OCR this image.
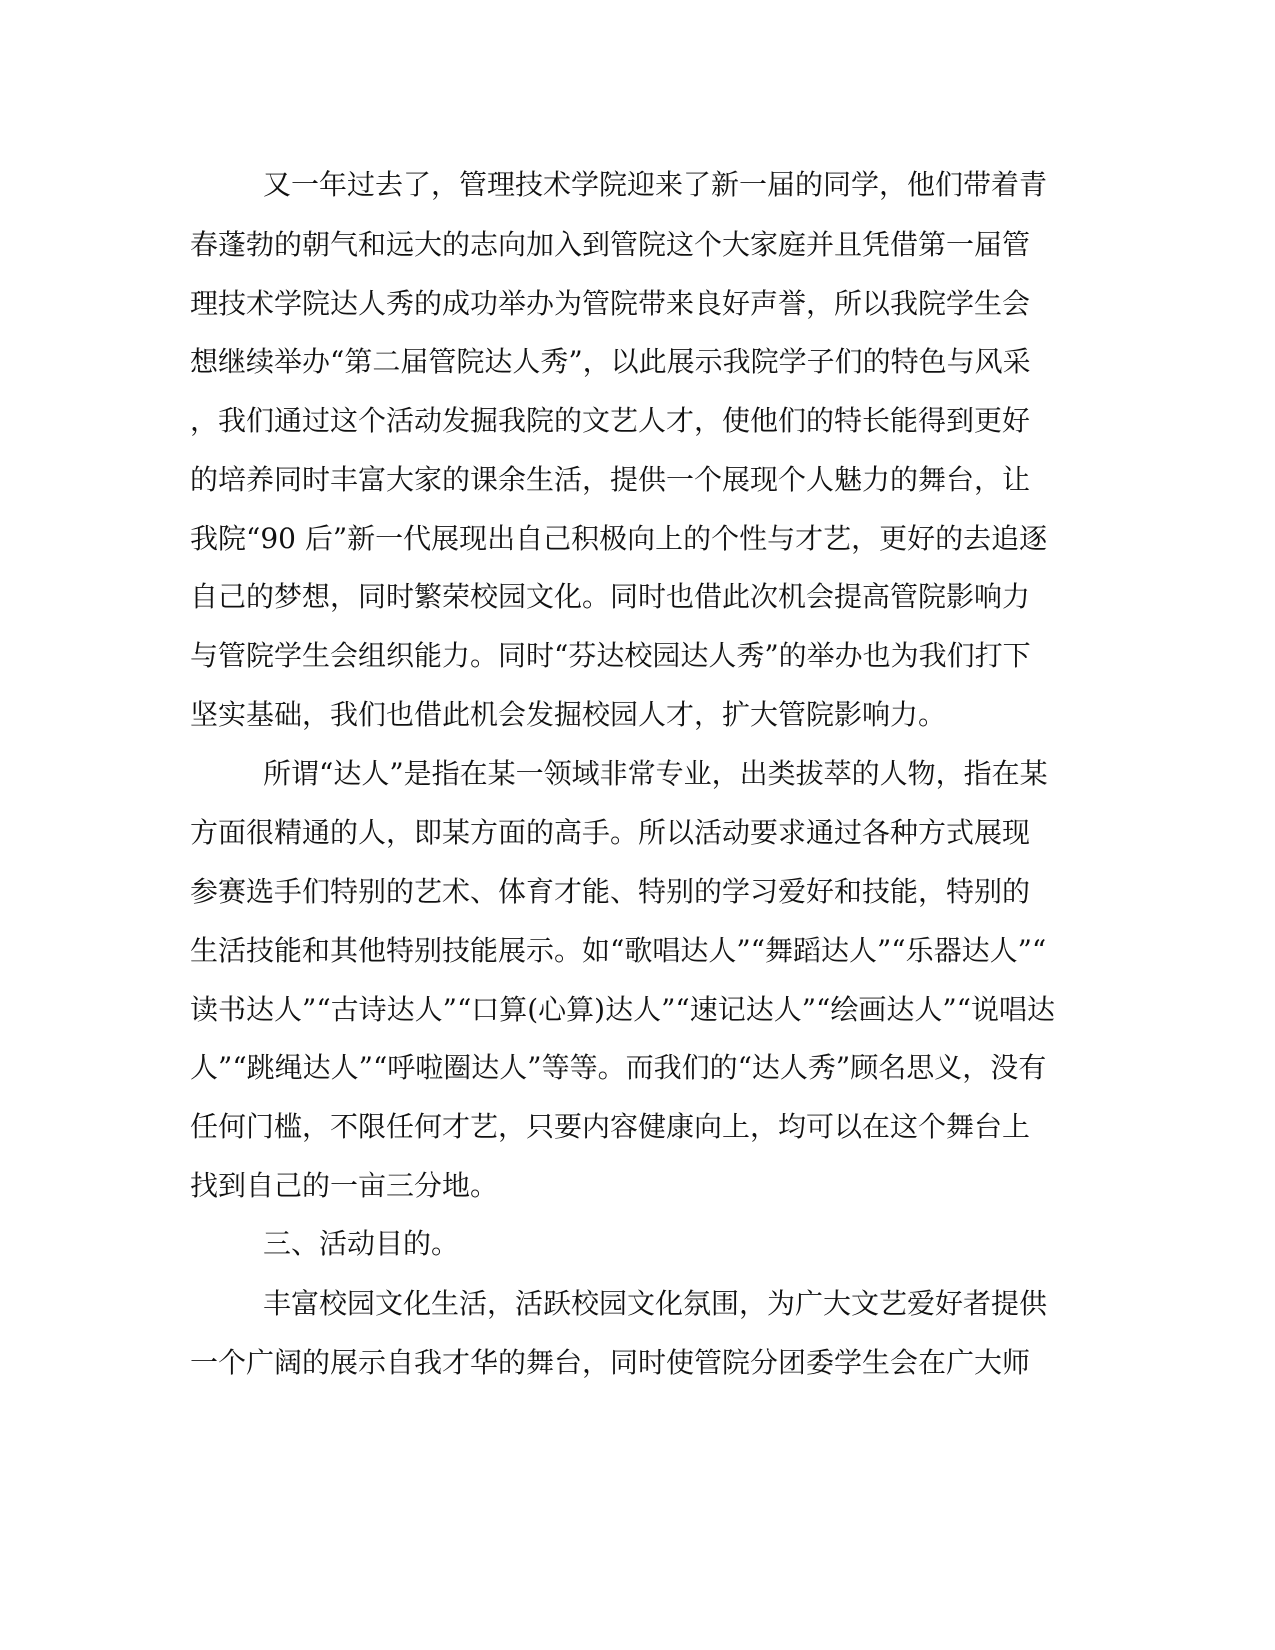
又一年过去了，管理技术学院迎来了新一届的同学，他们带着青

春蓬勃的朝气和远大的志向加入到管院这个大家庭并且凭借第一届管

理技术学院达人秀的成功举办为管院带来良好声誉，所以我院学生会

想继续举办“第二届管院达人秀”，以此展示我院学子们的特色与风采

，我们通过这个活动发掘我院的文艺人才，使他们的特长能得到更好

的培养同时丰富大家的课余生活，提供一个展现个人魅力的舞台，让

我院“90 后”新一代展现出自己积极向上的个性与才艺，更好的去追逐

自己的梦想，同时繁荣校园文化。同时也借此次机会提高管院影响力

与管院学生会组织能力。同时“芬达校园达人秀”的举办也为我们打下

坚实基础，我们也借此机会发掘校园人才，扩大管院影响力。

所谓“达人”是指在某一领域非常专业，出类拔萃的人物，指在某

方面很精通的人，即某方面的高手。所以活动要求通过各种方式展现

参赛选手们特别的艺术、体育才能、特别的学习爱好和技能，特别的

生活技能和其他特别技能展示。如“歌唱达人”“舞蹈达人”“乐器达人”“

读书达人”“古诗达人”“口算(心算)达人”“速记达人”“绘画达人”“说唱达

人”“跳绳达人”“呼啦圈达人”等等。而我们的“达人秀”顾名思义，没有

任何门槛，不限任何才艺，只要内容健康向上，均可以在这个舞台上

找到自己的一亩三分地。

三、活动目的。

丰富校园文化生活，活跃校园文化氛围，为广大文艺爱好者提供

一个广阔的展示自我才华的舞台，同时使管院分团委学生会在广大师
